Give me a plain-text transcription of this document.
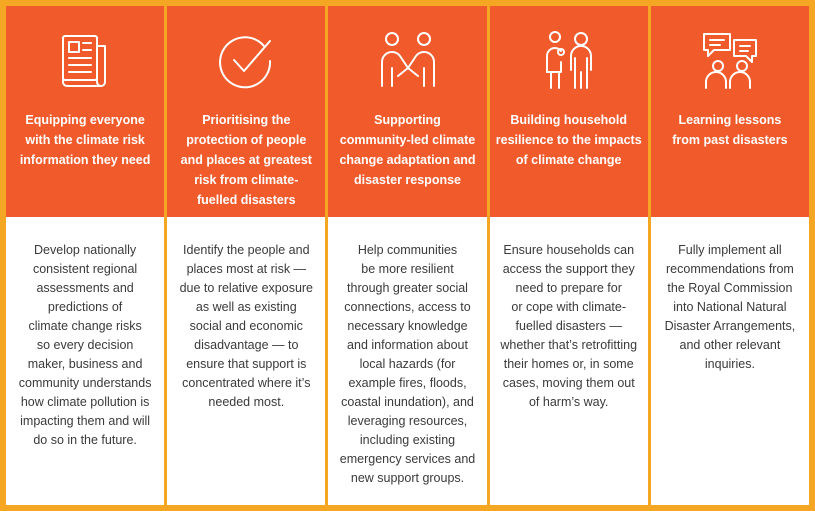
Equipping everyone
with the climate risk
information they need
Develop nationally
consistent regional
assessments and
predictions of
climate change risks
so every decision
maker, business and
community understands
how climate pollution is
impacting them and will
do so in the future.
Prioritising the
protection of people
and places at greatest
risk from climate-
fuelled disasters
Identify the people and
places most at risk —
due to relative exposure
as well as existing
social and economic
disadvantage — to
ensure that support is
concentrated where it’s
needed most.
Supporting
community-led climate
change adaptation and
disaster response
Help communities
be more resilient
through greater social
connections, access to
necessary knowledge
and information about
local hazards (for
example fires, floods,
coastal inundation), and
leveraging resources,
including existing
emergency services and
new support groups.
Building household
resilience to the impacts
of climate change
Ensure households can
access the support they
need to prepare for
or cope with climate-
fuelled disasters —
whether that’s retrofitting
their homes or, in some
cases, moving them out
of harm’s way.
Learning lessons
from past disasters
Fully implement all
recommendations from
the Royal Commission
into National Natural
Disaster Arrangements,
and other relevant
inquiries.
